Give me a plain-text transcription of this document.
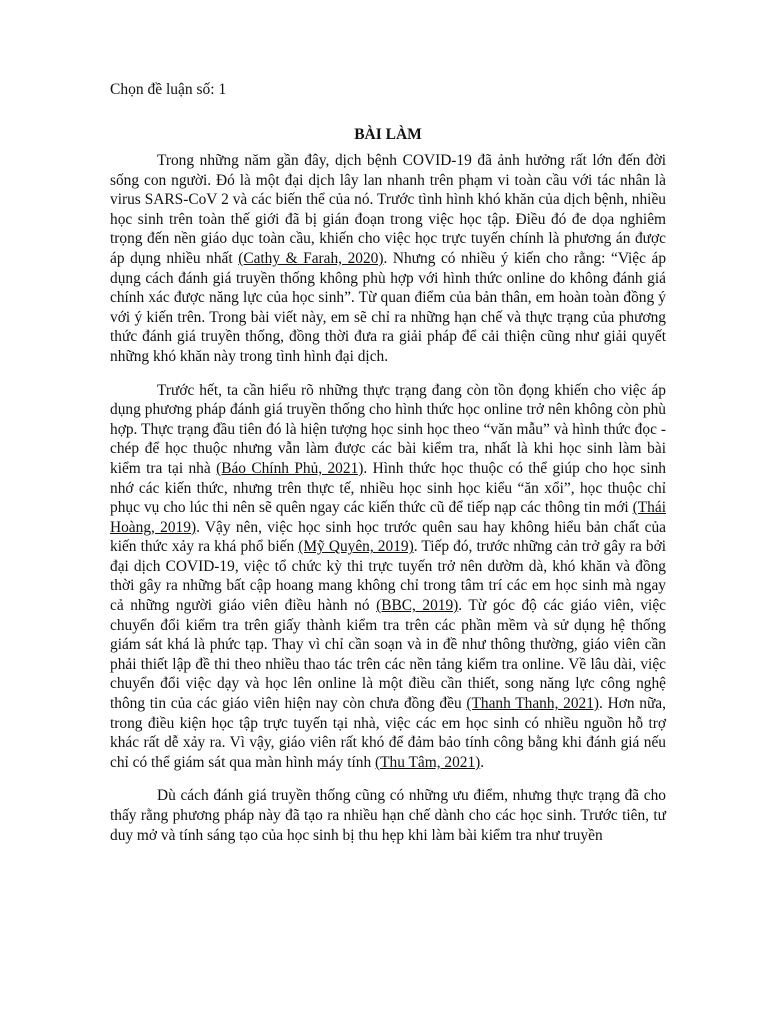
Chọn đề luận số: 1

BÀI LÀM

Trong những năm gần đây, dịch bệnh COVID-19 đã ảnh hưởng rất lớn đến đời sống con người. Đó là một đại dịch lây lan nhanh trên phạm vi toàn cầu với tác nhân là virus SARS-CoV 2 và các biến thể của nó. Trước tình hình khó khăn của dịch bệnh, nhiều học sinh trên toàn thế giới đã bị gián đoạn trong việc học tập. Điều đó đe dọa nghiêm trọng đến nền giáo dục toàn cầu, khiến cho việc học trực tuyến chính là phương án được áp dụng nhiều nhất (Cathy & Farah, 2020). Nhưng có nhiều ý kiến cho rằng: “Việc áp dụng cách đánh giá truyền thống không phù hợp với hình thức online do không đánh giá chính xác được năng lực của học sinh”. Từ quan điểm của bản thân, em hoàn toàn đồng ý với ý kiến trên. Trong bài viết này, em sẽ chỉ ra những hạn chế và thực trạng của phương thức đánh giá truyền thống, đồng thời đưa ra giải pháp để cải thiện cũng như giải quyết những khó khăn này trong tình hình đại dịch.

Trước hết, ta cần hiểu rõ những thực trạng đang còn tồn đọng khiến cho việc áp dụng phương pháp đánh giá truyền thống cho hình thức học online trở nên không còn phù hợp. Thực trạng đầu tiên đó là hiện tượng học sinh học theo “văn mẫu” và hình thức đọc - chép để học thuộc nhưng vẫn làm được các bài kiểm tra, nhất là khi học sinh làm bài kiểm tra tại nhà (Báo Chính Phủ, 2021). Hình thức học thuộc có thể giúp cho học sinh nhớ các kiến thức, nhưng trên thực tế, nhiều học sinh học kiểu “ăn xổi”, học thuộc chỉ phục vụ cho lúc thi nên sẽ quên ngay các kiến thức cũ để tiếp nạp các thông tin mới (Thái Hoàng, 2019). Vậy nên, việc học sinh học trước quên sau hay không hiểu bản chất của kiến thức xảy ra khá phổ biến (Mỹ Quyên, 2019). Tiếp đó, trước những cản trở gây ra bởi đại dịch COVID-19, việc tổ chức kỳ thi trực tuyến trở nên dườm dà, khó khăn và đồng thời gây ra những bất cập hoang mang không chỉ trong tâm trí các em học sinh mà ngay cả những người giáo viên điều hành nó (BBC, 2019). Từ góc độ các giáo viên, việc chuyển đổi kiểm tra trên giấy thành kiểm tra trên các phần mềm và sử dụng hệ thống giám sát khá là phức tạp. Thay vì chỉ cần soạn và in đề như thông thường, giáo viên cần phải thiết lập đề thi theo nhiều thao tác trên các nền tảng kiểm tra online. Về lâu dài, việc chuyển đổi việc dạy và học lên online là một điều cần thiết, song năng lực công nghệ thông tin của các giáo viên hiện nay còn chưa đồng đều (Thanh Thanh, 2021). Hơn nữa, trong điều kiện học tập trực tuyến tại nhà, việc các em học sinh có nhiều nguồn hỗ trợ khác rất dễ xảy ra. Vì vậy, giáo viên rất khó để đảm bảo tính công bằng khi đánh giá nếu chỉ có thể giám sát qua màn hình máy tính (Thu Tâm, 2021).

Dù cách đánh giá truyền thống cũng có những ưu điểm, nhưng thực trạng đã cho thấy rằng phương pháp này đã tạo ra nhiều hạn chế dành cho các học sinh. Trước tiên, tư duy mở và tính sáng tạo của học sinh bị thu hẹp khi làm bài kiểm tra như truyền
